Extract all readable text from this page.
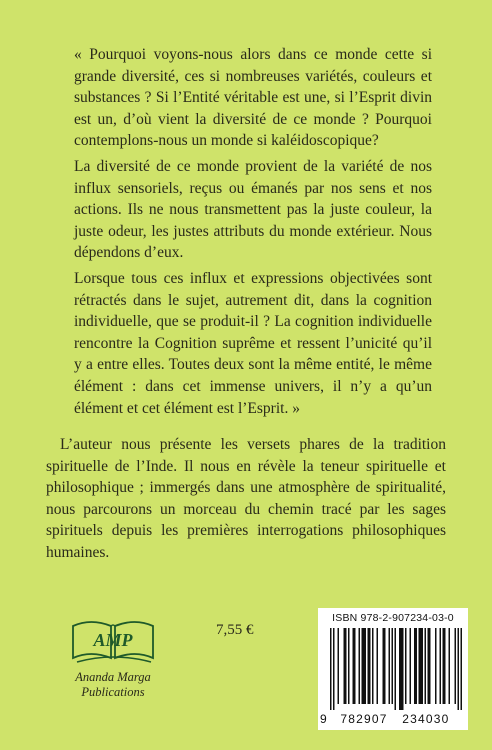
« Pourquoi voyons-nous alors dans ce monde cette si grande diversité, ces si nombreuses variétés, couleurs et substances ? Si l’Entité véritable est une, si l’Esprit divin est un, d’où vient la diversité de ce monde ? Pourquoi contemplons-nous un monde si kaléidoscopique?

La diversité de ce monde provient de la variété de nos influx sensoriels, reçus ou émanés par nos sens et nos actions. Ils ne nous transmettent pas la juste couleur, la juste odeur, les justes attributs du monde extérieur. Nous dépendons d’eux.

Lorsque tous ces influx et expressions objectivées sont rétractés dans le sujet, autrement dit, dans la cognition individuelle, que se produit-il ? La cognition individuelle rencontre la Cognition suprême et ressent l’unicité qu’il y a entre elles. Toutes deux sont la même entité, le même élément : dans cet immense univers, il n’y a qu’un élément et cet élément est l’Esprit. »

L’auteur nous présente les versets phares de la tradition spirituelle de l’Inde. Il nous en révèle la teneur spirituelle et philosophique ; immergés dans une atmosphère de spiritualité, nous parcourons un morceau du chemin tracé par les sages spirituels depuis les premières interrogations philosophiques humaines.

AMP
Ananda Marga
Publications
7,55 €
ISBN 978-2-907234-03-0
9 782907 234030
